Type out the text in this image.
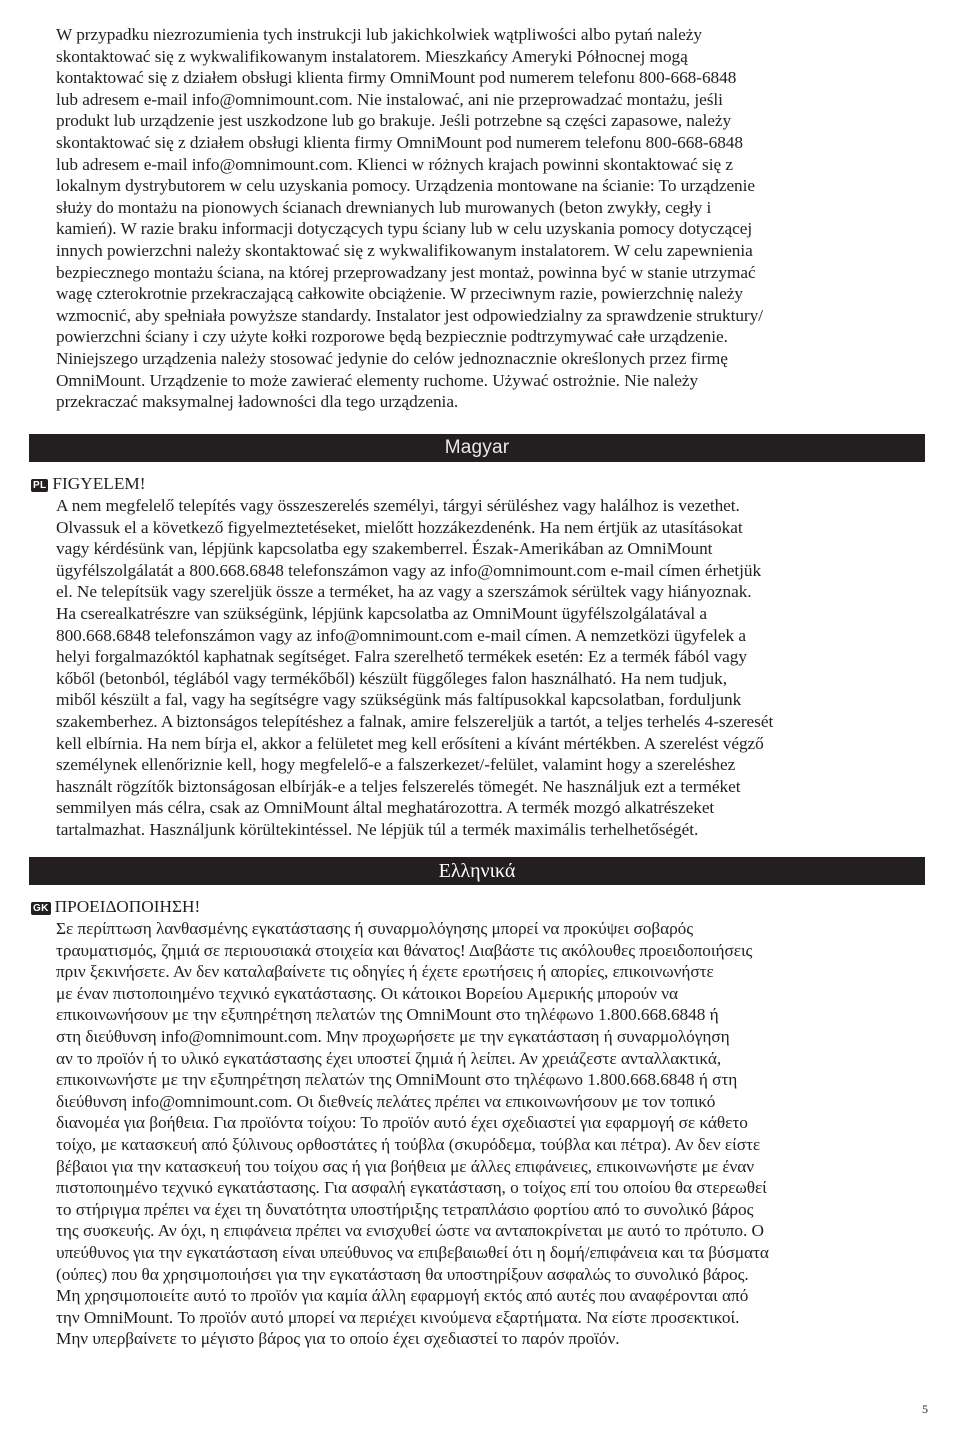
W przypadku niezrozumienia tych instrukcji lub jakichkolwiek wątpliwości albo pytań należy
skontaktować się z wykwalifikowanym instalatorem. Mieszkańcy Ameryki Północnej mogą
kontaktować się z działem obsługi klienta firmy OmniMount pod numerem telefonu 800-668-6848
lub adresem e-mail info@omnimount.com. Nie instalować, ani nie przeprowadzać montażu, jeśli
produkt lub urządzenie jest uszkodzone lub go brakuje. Jeśli potrzebne są części zapasowe, należy
skontaktować się z działem obsługi klienta firmy OmniMount pod numerem telefonu 800-668-6848
lub adresem e-mail info@omnimount.com. Klienci w różnych krajach powinni skontaktować się z
lokalnym dystrybutorem w celu uzyskania pomocy. Urządzenia montowane na ścianie: To urządzenie
służy do montażu na pionowych ścianach drewnianych lub murowanych (beton zwykły, cegły i
kamień). W razie braku informacji dotyczących typu ściany lub w celu uzyskania pomocy dotyczącej
innych powierzchni należy skontaktować się z wykwalifikowanym instalatorem. W celu zapewnienia
bezpiecznego montażu ściana, na której przeprowadzany jest montaż, powinna być w stanie utrzymać
wagę czterokrotnie przekraczającą całkowite obciążenie. W przeciwnym razie, powierzchnię należy
wzmocnić, aby spełniała powyższe standardy. Instalator jest odpowiedzialny za sprawdzenie struktury/
powierzchni ściany i czy użyte kołki rozporowe będą bezpiecznie podtrzymywać całe urządzenie.
Niniejszego urządzenia należy stosować jedynie do celów jednoznacznie określonych przez firmę
OmniMount. Urządzenie to może zawierać elementy ruchome. Używać ostrożnie. Nie należy
przekraczać maksymalnej ładowności dla tego urządzenia.
Magyar
PL FIGYELEM!
A nem megfelelő telepítés vagy összeszerelés személyi, tárgyi sérüléshez vagy halálhoz is vezethet.
Olvassuk el a következő figyelmeztetéseket, mielőtt hozzákezdenénk. Ha nem értjük az utasításokat
vagy kérdésünk van, lépjünk kapcsolatba egy szakemberrel. Észak-Amerikában az OmniMount
ügyfélszolgálatát a 800.668.6848 telefonszámon vagy az info@omnimount.com e-mail címen érhetjük
el. Ne telepítsük vagy szereljük össze a terméket, ha az vagy a szerszámok sérültek vagy hiányoznak.
Ha cserealkatrészre van szükségünk, lépjünk kapcsolatba az OmniMount ügyfélszolgálatával a
800.668.6848 telefonszámon vagy az info@omnimount.com e-mail címen. A nemzetközi ügyfelek a
helyi forgalmazóktól kaphatnak segítséget. Falra szerelhető termékek esetén: Ez a termék fából vagy
kőből (betonból, téglából vagy termékőből) készült függőleges falon használható. Ha nem tudjuk,
miből készült a fal, vagy ha segítségre vagy szükségünk más faltípusokkal kapcsolatban, forduljunk
szakemberhez. A biztonságos telepítéshez a falnak, amire felszereljük a tartót, a teljes terhelés 4-szeresét
kell elbírnia. Ha nem bírja el, akkor a felületet meg kell erősíteni a kívánt mértékben. A szerelést végző
személynek ellenőriznie kell, hogy megfelelő-e a falszerkezet/-felület, valamint hogy a szereléshez
használt rögzítők biztonságosan elbírják-e a teljes felszerelés tömegét. Ne használjuk ezt a terméket
semmilyen más célra, csak az OmniMount által meghatározottra. A termék mozgó alkatrészeket
tartalmazhat. Használjunk körültekintéssel. Ne lépjük túl a termék maximális terhelhetőségét.
Ελληνικά
GK ΠΡΟΕΙΔΟΠΟΙΗΣΗ!
Σε περίπτωση λανθασμένης εγκατάστασης ή συναρμολόγησης μπορεί να προκύψει σοβαρός
τραυματισμός, ζημιά σε περιουσιακά στοιχεία και θάνατος! Διαβάστε τις ακόλουθες προειδοποιήσεις
πριν ξεκινήσετε. Αν δεν καταλαβαίνετε τις οδηγίες ή έχετε ερωτήσεις ή απορίες, επικοινωνήστε
με έναν πιστοποιημένο τεχνικό εγκατάστασης. Οι κάτοικοι Βορείου Αμερικής μπορούν να
επικοινωνήσουν με την εξυπηρέτηση πελατών της OmniMount στο τηλέφωνο 1.800.668.6848 ή
στη διεύθυνση info@omnimount.com. Μην προχωρήσετε με την εγκατάσταση ή συναρμολόγηση
αν το προϊόν ή το υλικό εγκατάστασης έχει υποστεί ζημιά ή λείπει. Αν χρειάζεστε ανταλλακτικά,
επικοινωνήστε με την εξυπηρέτηση πελατών της OmniMount στο τηλέφωνο 1.800.668.6848 ή στη
διεύθυνση info@omnimount.com. Οι διεθνείς πελάτες πρέπει να επικοινωνήσουν με τον τοπικό
διανομέα για βοήθεια. Για προϊόντα τοίχου: Το προϊόν αυτό έχει σχεδιαστεί για εφαρμογή σε κάθετο
τοίχο, με κατασκευή από ξύλινους ορθοστάτες ή τούβλα (σκυρόδεμα, τούβλα και πέτρα). Αν δεν είστε
βέβαιοι για την κατασκευή του τοίχου σας ή για βοήθεια με άλλες επιφάνειες, επικοινωνήστε με έναν
πιστοποιημένο τεχνικό εγκατάστασης. Για ασφαλή εγκατάσταση, ο τοίχος επί του οποίου θα στερεωθεί
το στήριγμα πρέπει να έχει τη δυνατότητα υποστήριξης τετραπλάσιο φορτίου από το συνολικό βάρος
της συσκευής. Αν όχι, η επιφάνεια πρέπει να ενισχυθεί ώστε να ανταποκρίνεται με αυτό το πρότυπο. Ο
υπεύθυνος για την εγκατάσταση είναι υπεύθυνος να επιβεβαιωθεί ότι η δομή/επιφάνεια και τα βύσματα
(ούπες) που θα χρησιμοποιήσει για την εγκατάσταση θα υποστηρίξουν ασφαλώς το συνολικό βάρος.
Μη χρησιμοποιείτε αυτό το προϊόν για καμία άλλη εφαρμογή εκτός από αυτές που αναφέρονται από
την OmniMount. Το προϊόν αυτό μπορεί να περιέχει κινούμενα εξαρτήματα. Να είστε προσεκτικοί.
Μην υπερβαίνετε το μέγιστο βάρος για το οποίο έχει σχεδιαστεί το παρόν προϊόν.
5
